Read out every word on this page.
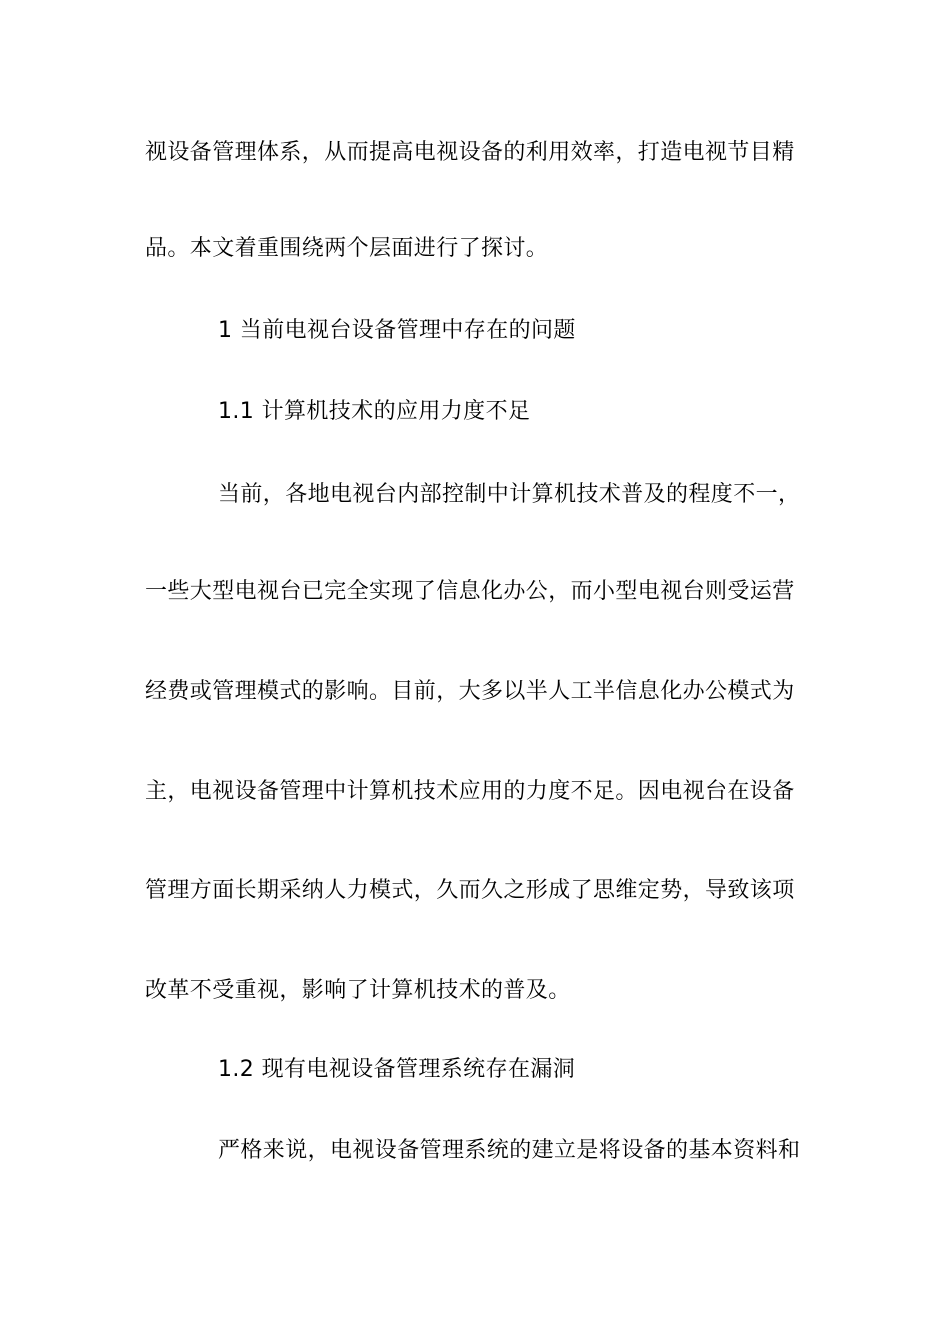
视设备管理体系，从而提高电视设备的利用效率，打造电视节目精
品。本文着重围绕两个层面进行了探讨。
1 当前电视台设备管理中存在的问题
1.1 计算机技术的应用力度不足
当前，各地电视台内部控制中计算机技术普及的程度不一，
一些大型电视台已完全实现了信息化办公，而小型电视台则受运营
经费或管理模式的影响。目前，大多以半人工半信息化办公模式为
主，电视设备管理中计算机技术应用的力度不足。因电视台在设备
管理方面长期采纳人力模式，久而久之形成了思维定势，导致该项
改革不受重视，影响了计算机技术的普及。
1.2 现有电视设备管理系统存在漏洞
严格来说，电视设备管理系统的建立是将设备的基本资料和
